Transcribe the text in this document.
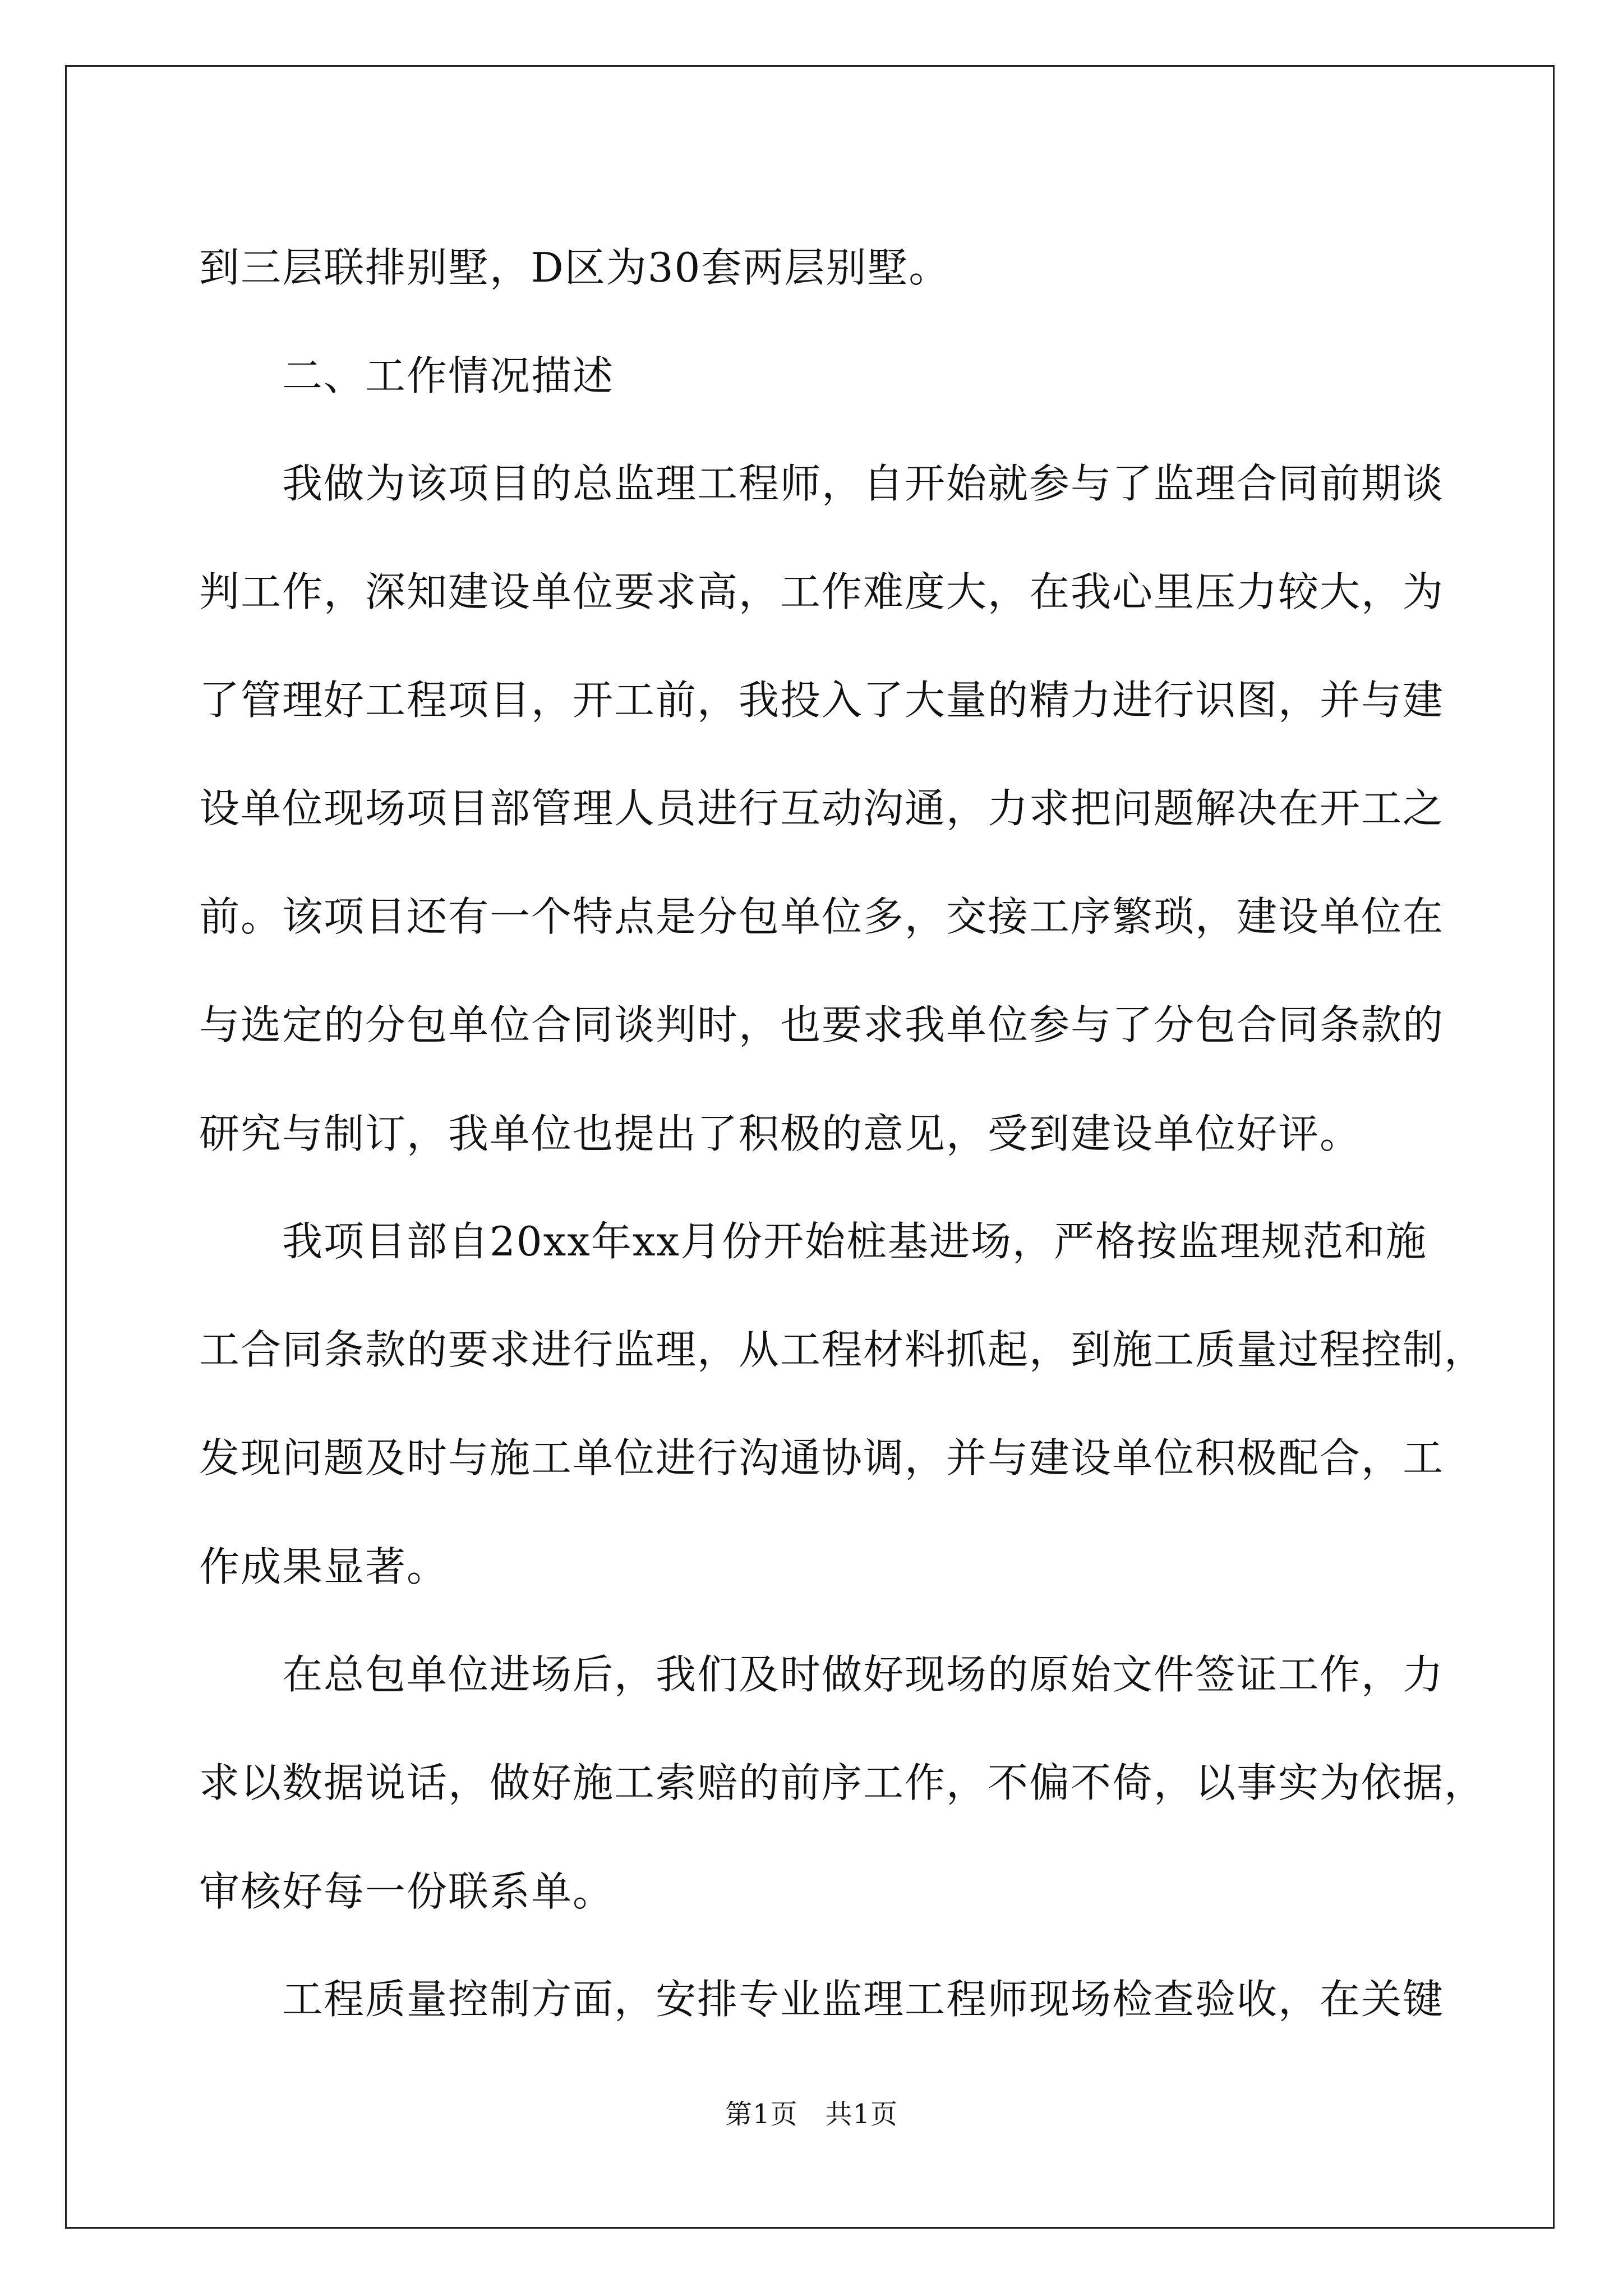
到三层联排别墅，D区为30套两层别墅。
　　二、工作情况描述
　　我做为该项目的总监理工程师，自开始就参与了监理合同前期谈
判工作，深知建设单位要求高，工作难度大，在我心里压力较大，为
了管理好工程项目，开工前，我投入了大量的精力进行识图，并与建
设单位现场项目部管理人员进行互动沟通，力求把问题解决在开工之
前。该项目还有一个特点是分包单位多，交接工序繁琐，建设单位在
与选定的分包单位合同谈判时，也要求我单位参与了分包合同条款的
研究与制订，我单位也提出了积极的意见，受到建设单位好评。
　　我项目部自20xx年xx月份开始桩基进场，严格按监理规范和施
工合同条款的要求进行监理，从工程材料抓起，到施工质量过程控制，
发现问题及时与施工单位进行沟通协调，并与建设单位积极配合，工
作成果显著。
　　在总包单位进场后，我们及时做好现场的原始文件签证工作，力
求以数据说话，做好施工索赔的前序工作，不偏不倚，以事实为依据，
审核好每一份联系单。
　　工程质量控制方面，安排专业监理工程师现场检查验收，在关键
第1页　共1页
